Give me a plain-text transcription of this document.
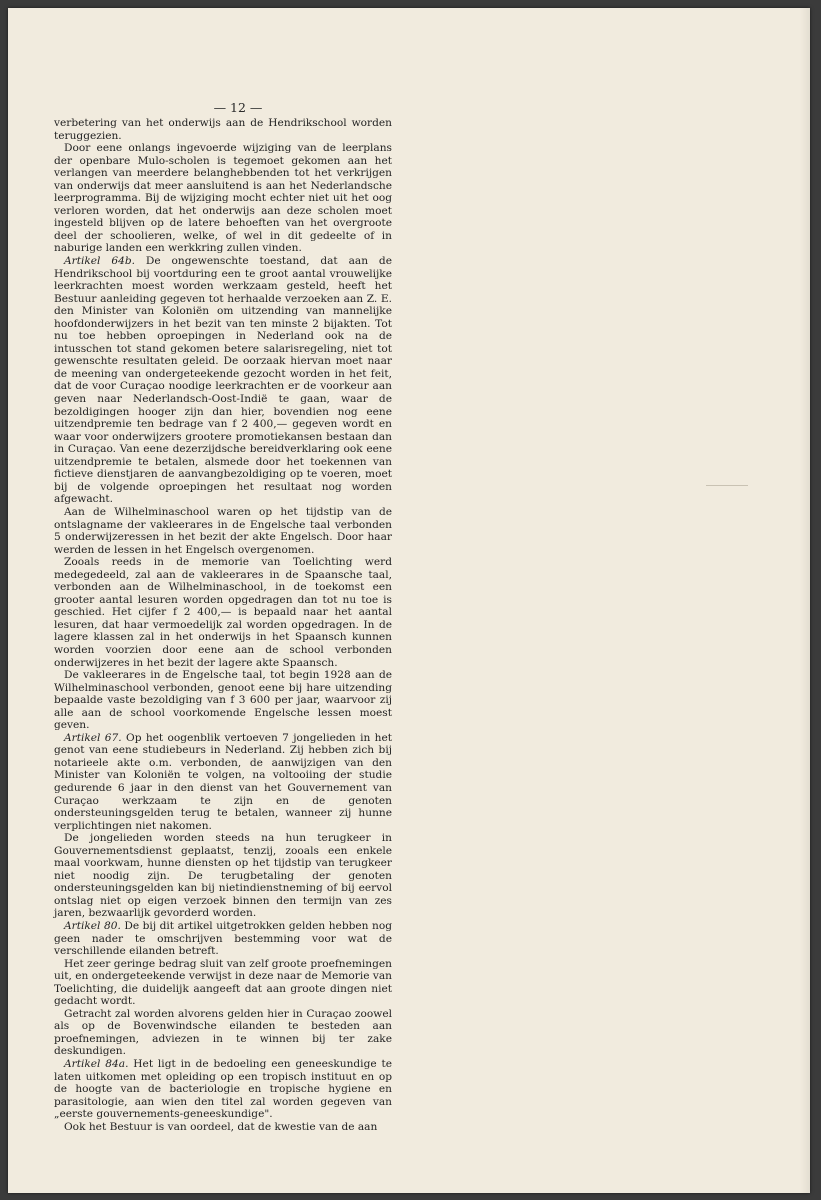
— 12 —

verbetering van het onderwijs aan de Hendrikschool worden teruggezien.

Door eene onlangs ingevoerde wijziging van de leerplans der openbare Mulo-scholen is tegemoet gekomen aan het verlangen van meerdere belanghebbenden tot het verkrijgen van onderwijs dat meer aansluitend is aan het Nederlandsche leerprogramma. Bij de wijziging mocht echter niet uit het oog verloren worden, dat het onderwijs aan deze scholen moet ingesteld blijven op de latere behoeften van het overgroote deel der schoolieren, welke, of wel in dit gedeelte of in naburige landen een werkkring zullen vinden.

Artikel 64b. De ongewenschte toestand, dat aan de Hendrikschool bij voortduring een te groot aantal vrouwelijke leerkrachten moest worden werkzaam gesteld, heeft het Bestuur aanleiding gegeven tot herhaalde verzoeken aan Z. E. den Minister van Koloniën om uitzending van mannelijke hoofdonderwijzers in het bezit van ten minste 2 bijakten. Tot nu toe hebben oproepingen in Nederland ook na de intusschen tot stand gekomen betere salarisregeling, niet tot gewenschte resultaten geleid. De oorzaak hiervan moet naar de meening van ondergeteekende gezocht worden in het feit, dat de voor Curaçao noodige leerkrachten er de voorkeur aan geven naar Nederlandsch-Oost-Indië te gaan, waar de bezoldigingen hooger zijn dan hier, bovendien nog eene uitzendpremie ten bedrage van f 2 400,— gegeven wordt en waar voor onderwijzers grootere promotiekansen bestaan dan in Curaçao. Van eene dezerzijdsche bereidverklaring ook eene uitzendpremie te betalen, alsmede door het toekennen van fictieve dienstjaren de aanvangbezoldiging op te voeren, moet bij de volgende oproepingen het resultaat nog worden afgewacht.

Aan de Wilhelminaschool waren op het tijdstip van de ontslagname der vakleerares in de Engelsche taal verbonden 5 onderwijzeressen in het bezit der akte Engelsch. Door haar werden de lessen in het Engelsch overgenomen.

Zooals reeds in de memorie van Toelichting werd medegedeeld, zal aan de vakleerares in de Spaansche taal, verbonden aan de Wilhelminaschool, in de toekomst een grooter aantal lesuren worden opgedragen dan tot nu toe is geschied. Het cijfer f 2 400,— is bepaald naar het aantal lesuren, dat haar vermoedelijk zal worden opgedragen. In de lagere klassen zal in het onderwijs in het Spaansch kunnen worden voorzien door eene aan de school verbonden onderwijzeres in het bezit der lagere akte Spaansch.

De vakleerares in de Engelsche taal, tot begin 1928 aan de Wilhelminaschool verbonden, genoot eene bij hare uitzending bepaalde vaste bezoldiging van f 3 600 per jaar, waarvoor zij alle aan de school voorkomende Engelsche lessen moest geven.

Artikel 67. Op het oogenblik vertoeven 7 jongelieden in het genot van eene studiebeurs in Nederland. Zij hebben zich bij notarieele akte o.m. verbonden, de aanwijzigen van den Minister van Koloniën te volgen, na voltooiing der studie gedurende 6 jaar in den dienst van het Gouvernement van Curaçao werkzaam te zijn en de genoten ondersteuningsgelden terug te betalen, wanneer zij hunne verplichtingen niet nakomen.

De jongelieden worden steeds na hun terugkeer in Gouvernementsdienst geplaatst, tenzij, zooals een enkele maal voorkwam, hunne diensten op het tijdstip van terugkeer niet noodig zijn. De terugbetaling der genoten ondersteuningsgelden kan bij nietindienstneming of bij eervol ontslag niet op eigen verzoek binnen den termijn van zes jaren, bezwaarlijk gevorderd worden.

Artikel 80. De bij dit artikel uitgetrokken gelden hebben nog geen nader te omschrijven bestemming voor wat de verschillende eilanden betreft.

Het zeer geringe bedrag sluit van zelf groote proefnemingen uit, en ondergeteekende verwijst in deze naar de Memorie van Toelichting, die duidelijk aangeeft dat aan groote dingen niet gedacht wordt.

Getracht zal worden alvorens gelden hier in Curaçao zoowel als op de Bovenwindsche eilanden te besteden aan proefnemingen, adviezen in te winnen bij ter zake deskundigen.

Artikel 84a. Het ligt in de bedoeling een geneeskundige te laten uitkomen met opleiding op een tropisch instituut en op de hoogte van de bacteriologie en tropische hygiene en parasitologie, aan wien den titel zal worden gegeven van „eerste gouvernements-geneeskundige".

Ook het Bestuur is van oordeel, dat de kwestie van de aan
